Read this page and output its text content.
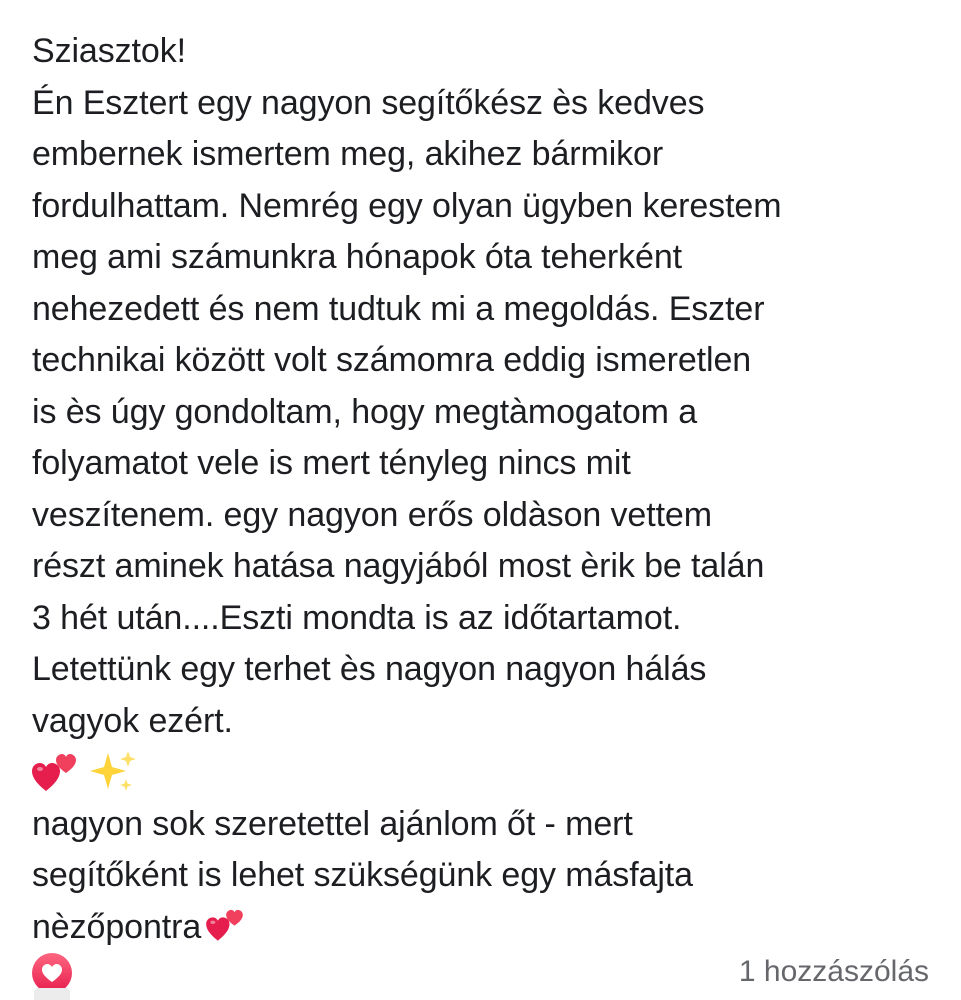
Sziasztok!
Én Esztert egy nagyon segítőkész ès kedves
embernek ismertem meg, akihez bármikor
fordulhattam. Nemrég egy olyan ügyben kerestem
meg ami számunkra hónapok óta teherként
nehezedett és nem tudtuk mi a megoldás. Eszter
technikai között volt számomra eddig ismeretlen
is ès úgy gondoltam, hogy megtàmogatom a
folyamatot vele is mert tényleg nincs mit
veszítenem. egy nagyon erős oldàson vettem
részt aminek hatása nagyjából most èrik be talán
3 hét után....Eszti mondta is az időtartamot.
Letettünk egy terhet ès nagyon nagyon hálás
vagyok ezért.

nagyon sok szeretettel ajánlom őt - mert
segítőként is lehet szükségünk egy másfajta
nèzőpontra
1 hozzászólás
